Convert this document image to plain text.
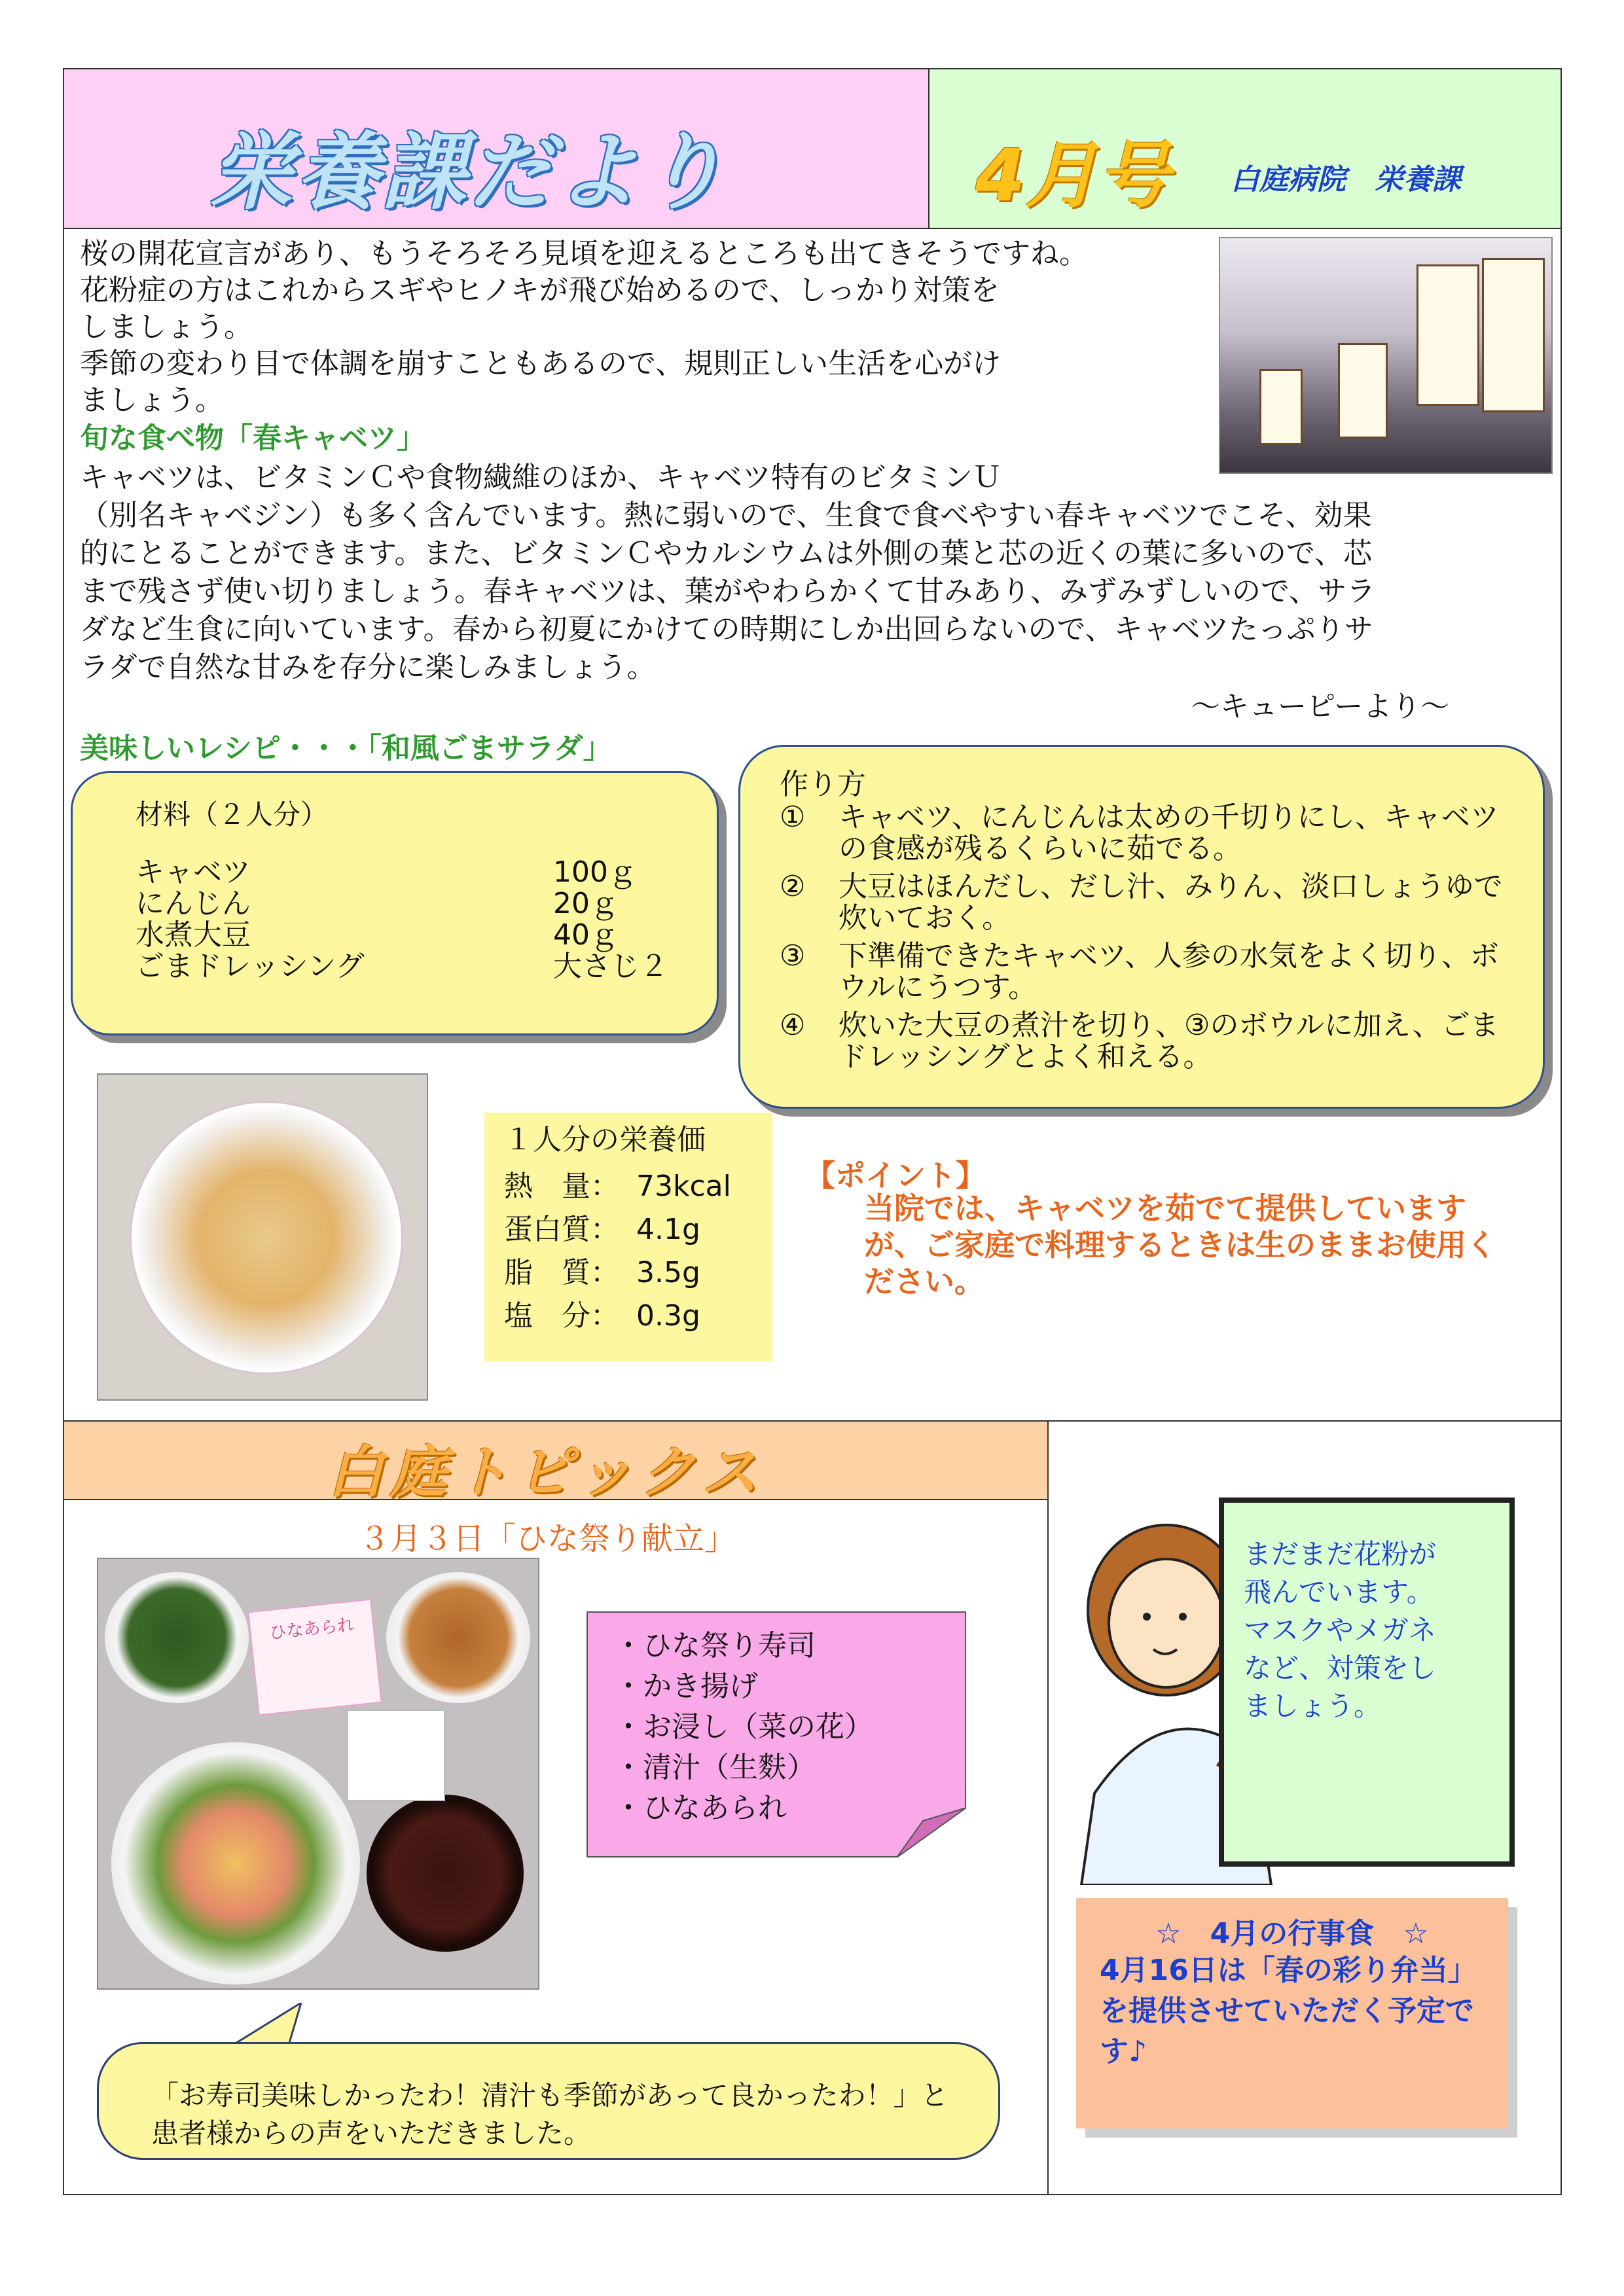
栄養課だより	4月号 白庭病院　栄養課
桜の開花宣言があり、もうそろそろ見頃を迎えるところも出てきそうですね。
花粉症の方はこれからスギやヒノキが飛び始めるので、しっかり対策を
しましょう。
季節の変わり目で体調を崩すこともあるので、規則正しい生活を心がけ
ましょう。
旬な食べ物「春キャベツ」
キャベツは、ビタミンＣや食物繊維のほか、キャベツ特有のビタミンＵ
（別名キャベジン）も多く含んでいます。熱に弱いので、生食で食べやすい春キャベツでこそ、効果
的にとることができます。また、ビタミンＣやカルシウムは外側の葉と芯の近くの葉に多いので、芯
まで残さず使い切りましょう。春キャベツは、葉がやわらかくて甘みあり、みずみずしいので、サラ
ダなど生食に向いています。春から初夏にかけての時期にしか出回らないので、キャベツたっぷりサ
ラダで自然な甘みを存分に楽しみましょう。
～キューピーより～
美味しいレシピ・・・「和風ごまサラダ」
材料（２人分）
キャベツ	100ｇ
にんじん	20ｇ
水煮大豆	40ｇ
ごまドレッシング	大さじ２
作り方
① キャベツ、にんじんは太めの千切りにし、キャベツの食感が残るくらいに茹でる。
② 大豆はほんだし、だし汁、みりん、淡口しょうゆで炊いておく。
③ 下準備できたキャベツ、人参の水気をよく切り、ボウルにうつす。
④ 炊いた大豆の煮汁を切り、③のボウルに加え、ごまドレッシングとよく和える。
１人分の栄養価
熱　量： 73kcal
蛋白質： 4.1g
脂　質： 3.5g
塩　分： 0.3g
【ポイント】
当院では、キャベツを茹でて提供しています
が、ご家庭で料理するときは生のままお使用く
ださい。
白庭トピックス
３月３日「ひな祭り献立」
ひなあられ	・ひな祭り寿司
・かき揚げ
・お浸し（菜の花）
・清汁（生麩）
・ひなあられ
「お寿司美味しかったわ！清汁も季節があって良かったわ！」と
患者様からの声をいただきました。
まだまだ花粉が
飛んでいます。
マスクやメガネ
など、対策をし
ましょう。
☆　4月の行事食　☆
4月16日は「春の彩り弁当」
を提供させていただく予定で
す♪
